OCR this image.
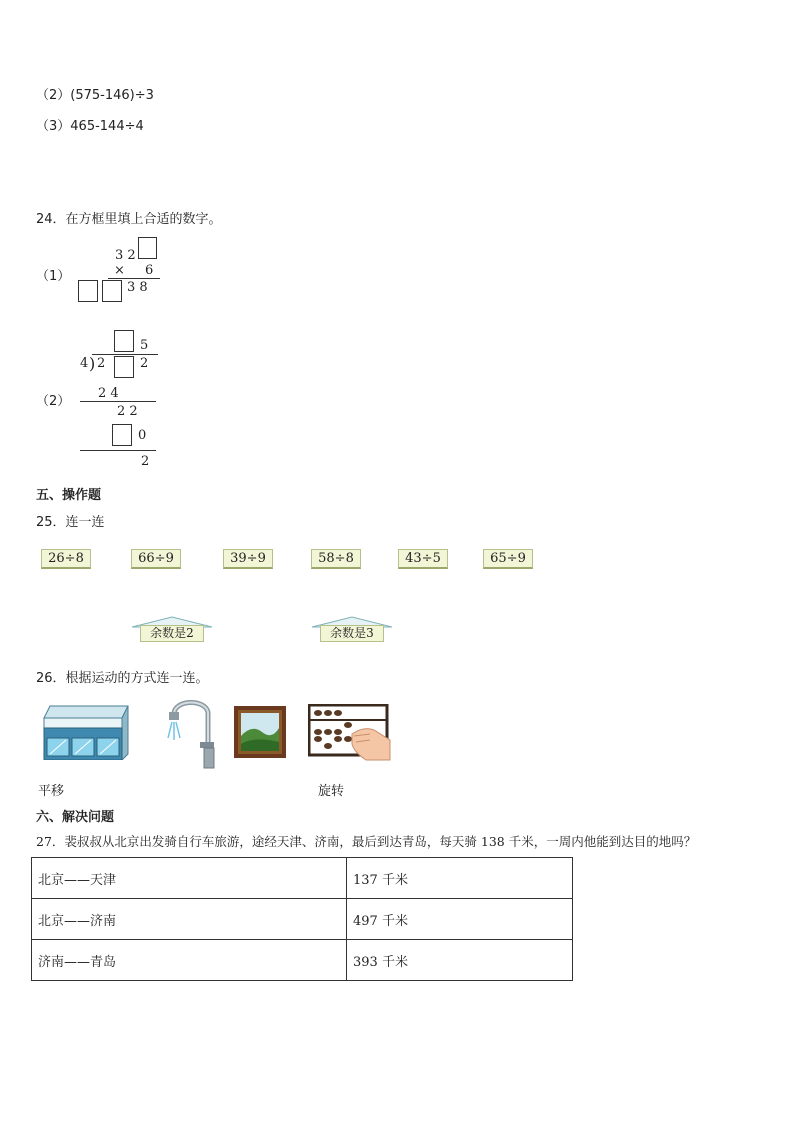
（2）(575-146)÷3
（3）465-144÷4
24．在方框里填上合适的数字。
（1）
3 2
× 6
3 8
5
4 ) 2	2
（2）
2 4
2 2
0
2
五、操作题
25．连一连
26÷8	66÷9	39÷9	58÷8	43÷5	65÷9
余数是2	余数是3
26．根据运动的方式连一连。
平移	旋转
六、解决问题
27．裴叔叔从北京出发骑自行车旅游，途经天津、济南，最后到达青岛，每天骑 138 千米，一周内他能到达目的地吗？
北京——天津	137 千米
北京——济南	497 千米
济南——青岛	393 千米
